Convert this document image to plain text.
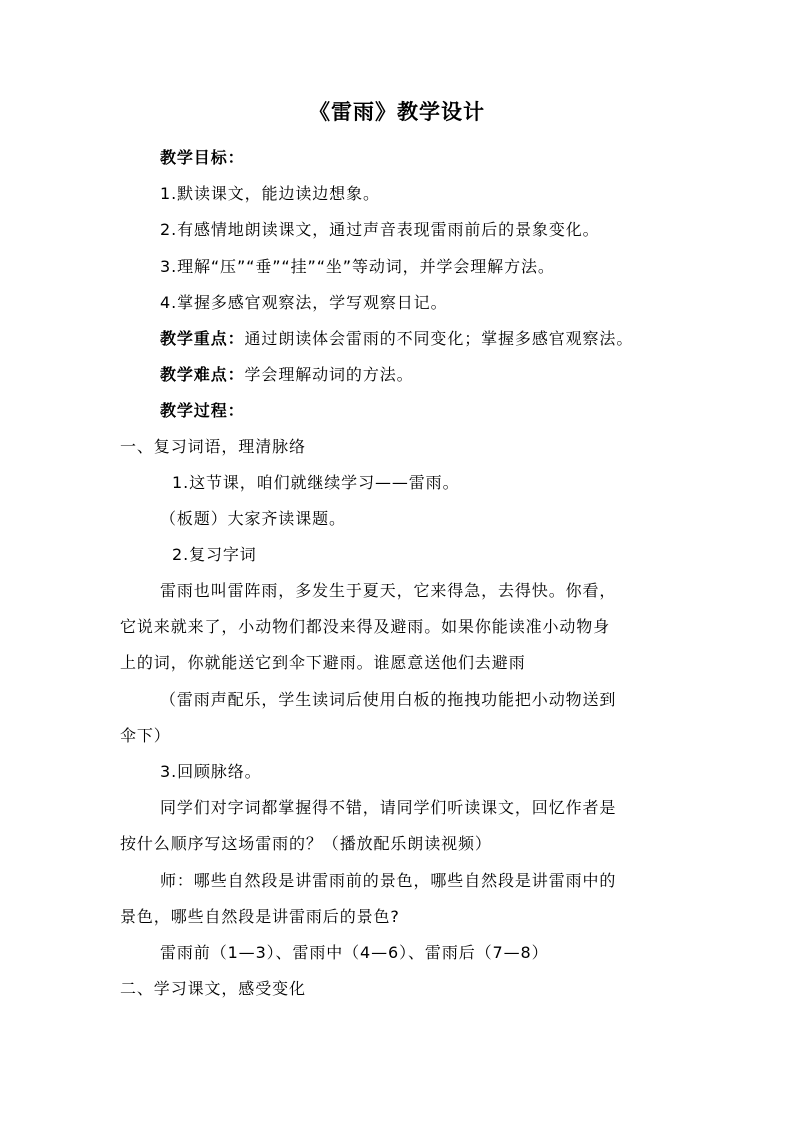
《雷雨》教学设计
教学目标：
1.默读课文，能边读边想象。
2.有感情地朗读课文，通过声音表现雷雨前后的景象变化。
3.理解“压”“垂”“挂”“坐”等动词，并学会理解方法。
4.掌握多感官观察法，学写观察日记。
教学重点：通过朗读体会雷雨的不同变化；掌握多感官观察法。
教学难点：学会理解动词的方法。
教学过程：
一、复习词语，理清脉络
1.这节课，咱们就继续学习——雷雨。
（板题）大家齐读课题。
2.复习字词
雷雨也叫雷阵雨，多发生于夏天，它来得急，去得快。你看，
它说来就来了，小动物们都没来得及避雨。如果你能读准小动物身
上的词，你就能送它到伞下避雨。谁愿意送他们去避雨
（雷雨声配乐，学生读词后使用白板的拖拽功能把小动物送到
伞下）
3.回顾脉络。
同学们对字词都掌握得不错，请同学们听读课文，回忆作者是
按什么顺序写这场雷雨的？（播放配乐朗读视频）
师：哪些自然段是讲雷雨前的景色，哪些自然段是讲雷雨中的
景色，哪些自然段是讲雷雨后的景色?
雷雨前（1—3）、雷雨中（4—6）、雷雨后（7—8）
二、学习课文，感受变化
